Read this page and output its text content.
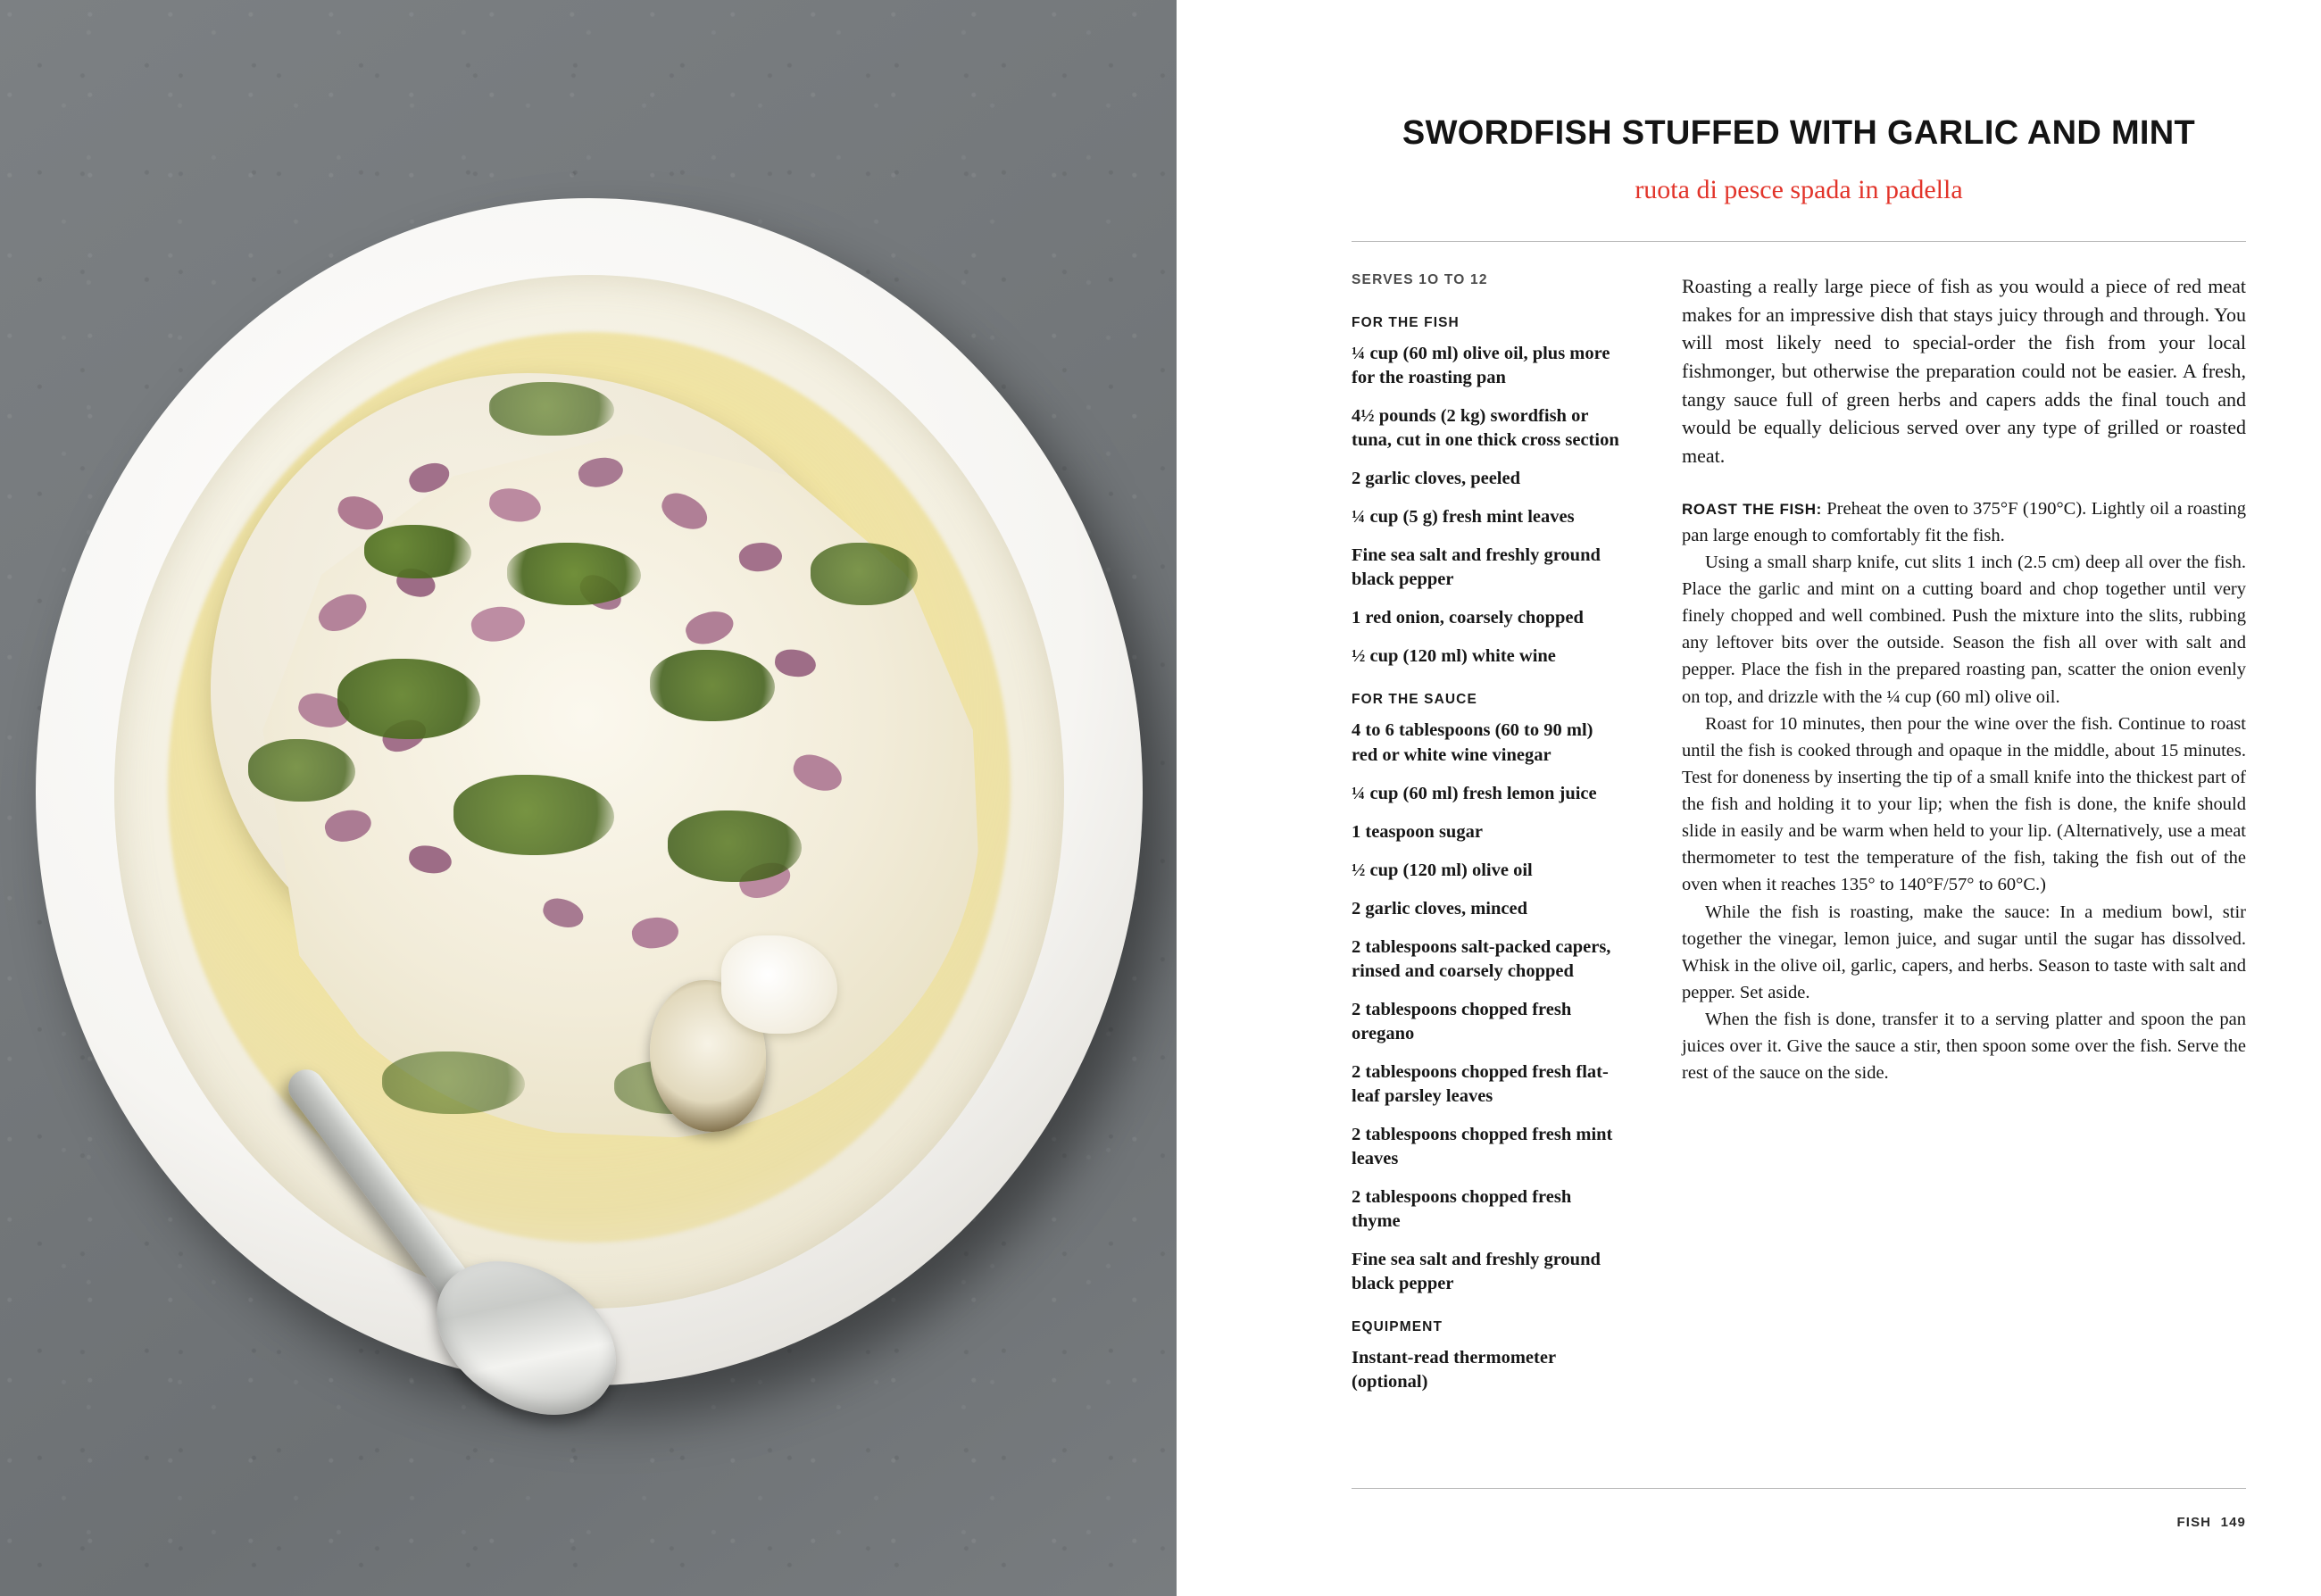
SWORDFISH STUFFED WITH GARLIC AND MINT
ruota di pesce spada in padella
SERVES 1O TO 12
FOR THE FISH
¼ cup (60 ml) olive oil, plus more for the roasting pan
4½ pounds (2 kg) swordfish or tuna, cut in one thick cross section
2 garlic cloves, peeled
¼ cup (5 g) fresh mint leaves
Fine sea salt and freshly ground black pepper
1 red onion, coarsely chopped
½ cup (120 ml) white wine
FOR THE SAUCE
4 to 6 tablespoons (60 to 90 ml) red or white wine vinegar
¼ cup (60 ml) fresh lemon juice
1 teaspoon sugar
½ cup (120 ml) olive oil
2 garlic cloves, minced
2 tablespoons salt-packed capers, rinsed and coarsely chopped
2 tablespoons chopped fresh oregano
2 tablespoons chopped fresh flat-leaf parsley leaves
2 tablespoons chopped fresh mint leaves
2 tablespoons chopped fresh thyme
Fine sea salt and freshly ground black pepper
EQUIPMENT
Instant-read thermometer (optional)

Roasting a really large piece of fish as you would a piece of red meat makes for an impressive dish that stays juicy through and through. You will most likely need to special-order the fish from your local fishmonger, but otherwise the preparation could not be easier. A fresh, tangy sauce full of green herbs and capers adds the final touch and would be equally delicious served over any type of grilled or roasted meat.

ROAST THE FISH: Preheat the oven to 375°F (190°C). Lightly oil a roasting pan large enough to comfortably fit the fish.

Using a small sharp knife, cut slits 1 inch (2.5 cm) deep all over the fish. Place the garlic and mint on a cutting board and chop together until very finely chopped and well combined. Push the mixture into the slits, rubbing any leftover bits over the outside. Season the fish all over with salt and pepper. Place the fish in the prepared roasting pan, scatter the onion evenly on top, and drizzle with the ¼ cup (60 ml) olive oil.

Roast for 10 minutes, then pour the wine over the fish. Continue to roast until the fish is cooked through and opaque in the middle, about 15 minutes. Test for doneness by inserting the tip of a small knife into the thickest part of the fish and holding it to your lip; when the fish is done, the knife should slide in easily and be warm when held to your lip. (Alternatively, use a meat thermometer to test the temperature of the fish, taking the fish out of the oven when it reaches 135° to 140°F/57° to 60°C.)

While the fish is roasting, make the sauce: In a medium bowl, stir together the vinegar, lemon juice, and sugar until the sugar has dissolved. Whisk in the olive oil, garlic, capers, and herbs. Season to taste with salt and pepper. Set aside.

When the fish is done, transfer it to a serving platter and spoon the pan juices over it. Give the sauce a stir, then spoon some over the fish. Serve the rest of the sauce on the side.

FISH 149
